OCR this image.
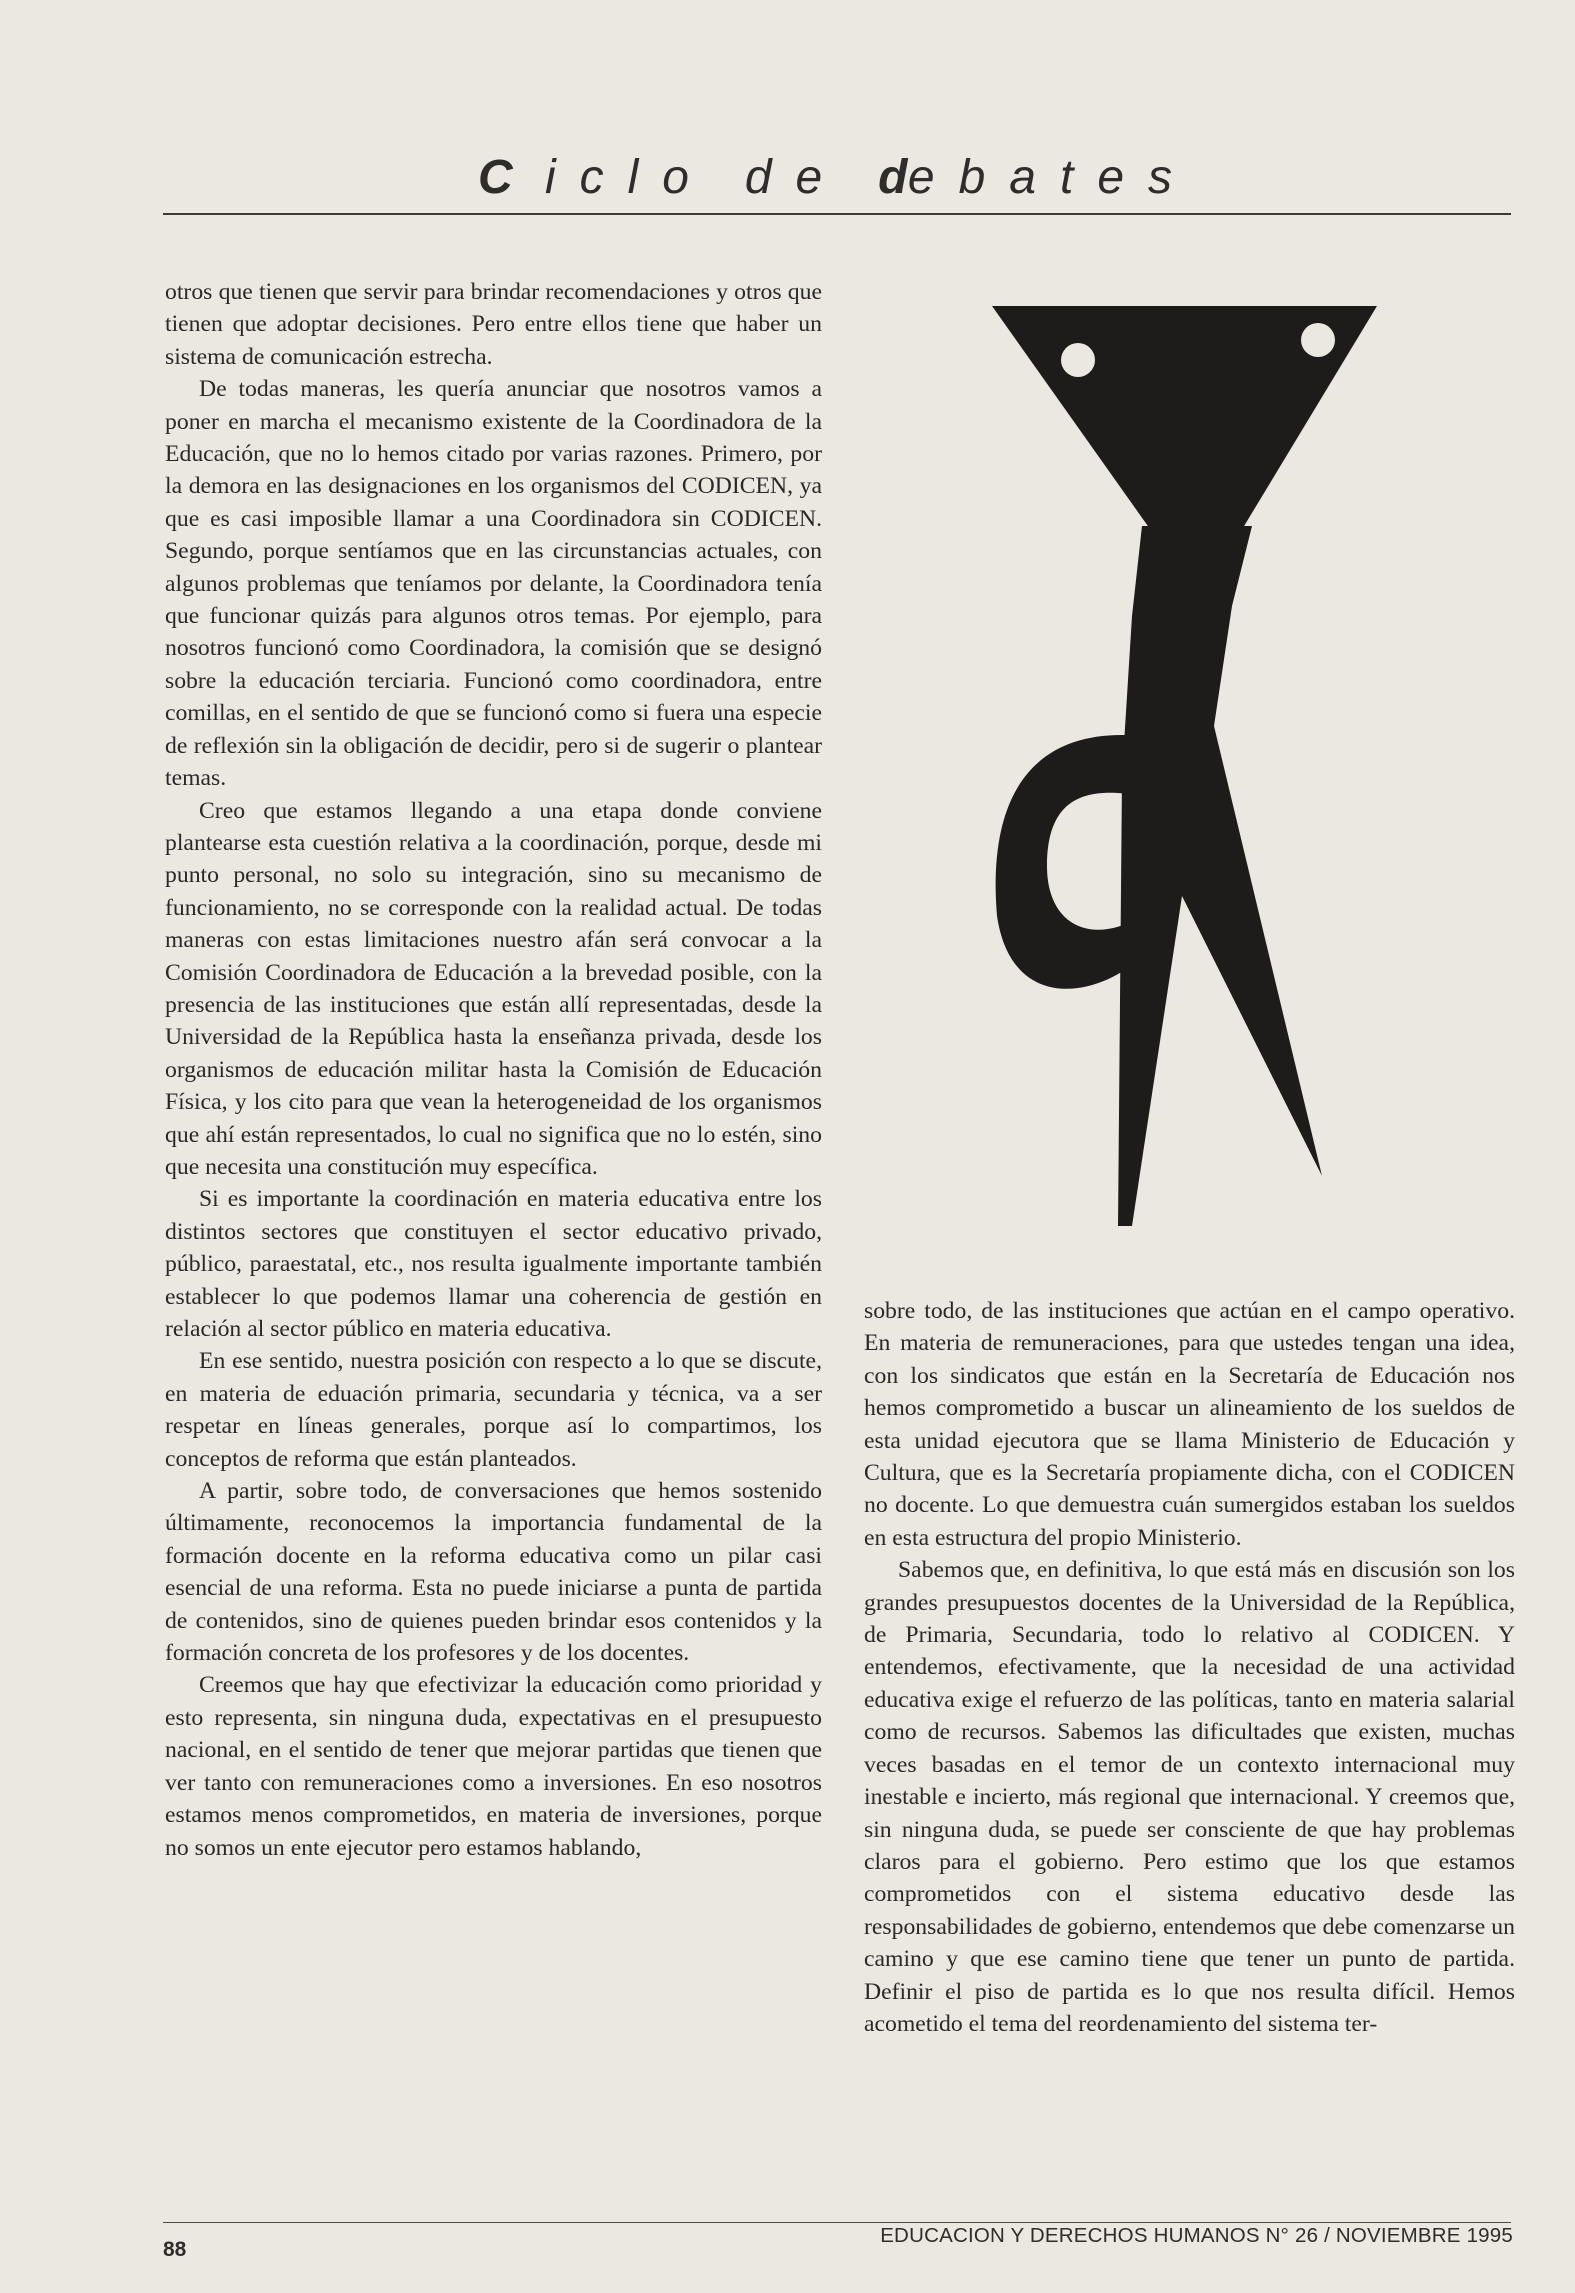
C iclo de debates

otros que tienen que servir para brindar recomendaciones y otros que tienen que adoptar decisiones. Pero entre ellos tiene que haber un sistema de comunicación estrecha.

De todas maneras, les quería anunciar que nosotros vamos a poner en marcha el mecanismo existente de la Coordinadora de la Educación, que no lo hemos citado por varias razones. Primero, por la demora en las designaciones en los organismos del CODICEN, ya que es casi imposible llamar a una Coordinadora sin CODICEN. Segundo, porque sentíamos que en las circunstancias actuales, con algunos problemas que teníamos por delante, la Coordinadora tenía que funcionar quizás para algunos otros temas. Por ejemplo, para nosotros funcionó como Coordinadora, la comisión que se designó sobre la educación terciaria. Funcionó como coordinadora, entre comillas, en el sentido de que se funcionó como si fuera una especie de reflexión sin la obligación de decidir, pero si de sugerir o plantear temas.

Creo que estamos llegando a una etapa donde conviene plantearse esta cuestión relativa a la coordinación, porque, desde mi punto personal, no solo su integración, sino su mecanismo de funcionamiento, no se corresponde con la realidad actual. De todas maneras con estas limitaciones nuestro afán será convocar a la Comisión Coordinadora de Educación a la brevedad posible, con la presencia de las instituciones que están allí representadas, desde la Universidad de la República hasta la enseñanza privada, desde los organismos de educación militar hasta la Comisión de Educación Física, y los cito para que vean la heterogeneidad de los organismos que ahí están representados, lo cual no significa que no lo estén, sino que necesita una constitución muy específica.

Si es importante la coordinación en materia educativa entre los distintos sectores que constituyen el sector educativo privado, público, paraestatal, etc., nos resulta igualmente importante también establecer lo que podemos llamar una coherencia de gestión en relación al sector público en materia educativa.

En ese sentido, nuestra posición con respecto a lo que se discute, en materia de eduación primaria, secundaria y técnica, va a ser respetar en líneas generales, porque así lo compartimos, los conceptos de reforma que están planteados.

A partir, sobre todo, de conversaciones que hemos sostenido últimamente, reconocemos la importancia fundamental de la formación docente en la reforma educativa como un pilar casi esencial de una reforma. Esta no puede iniciarse a punta de partida de contenidos, sino de quienes pueden brindar esos contenidos y la formación concreta de los profesores y de los docentes.

Creemos que hay que efectivizar la educación como prioridad y esto representa, sin ninguna duda, expectativas en el presupuesto nacional, en el sentido de tener que mejorar partidas que tienen que ver tanto con remuneraciones como a inversiones. En eso nosotros estamos menos comprometidos, en materia de inversiones, porque no somos un ente ejecutor pero estamos hablando,

sobre todo, de las instituciones que actúan en el campo operativo. En materia de remuneraciones, para que ustedes tengan una idea, con los sindicatos que están en la Secretaría de Educación nos hemos comprometido a buscar un alineamiento de los sueldos de esta unidad ejecutora que se llama Ministerio de Educación y Cultura, que es la Secretaría propiamente dicha, con el CODICEN no docente. Lo que demuestra cuán sumergidos estaban los sueldos en esta estructura del propio Ministerio.

Sabemos que, en definitiva, lo que está más en discusión son los grandes presupuestos docentes de la Universidad de la República, de Primaria, Secundaria, todo lo relativo al CODICEN. Y entendemos, efectivamente, que la necesidad de una actividad educativa exige el refuerzo de las políticas, tanto en materia salarial como de recursos. Sabemos las dificultades que existen, muchas veces basadas en el temor de un contexto internacional muy inestable e incierto, más regional que internacional. Y creemos que, sin ninguna duda, se puede ser consciente de que hay problemas claros para el gobierno. Pero estimo que los que estamos comprometidos con el sistema educativo desde las responsabilidades de gobierno, entendemos que debe comenzarse un camino y que ese camino tiene que tener un punto de partida. Definir el piso de partida es lo que nos resulta difícil. Hemos acometido el tema del reordenamiento del sistema ter-

88
EDUCACION Y DERECHOS HUMANOS N° 26 / NOVIEMBRE 1995
